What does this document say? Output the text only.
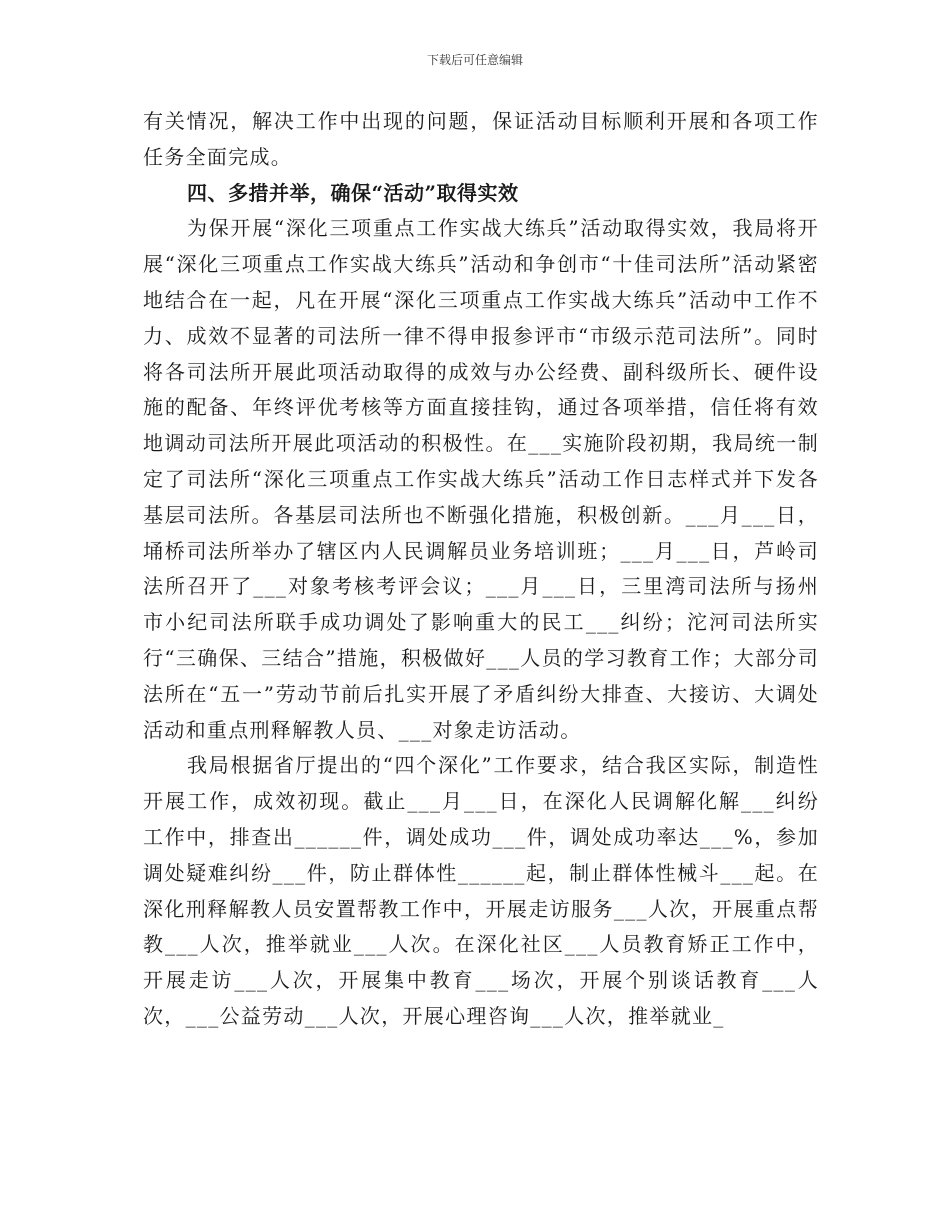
下载后可任意编辑

有关情况，解决工作中出现的问题，保证活动目标顺利开展和各项工作任务全面完成。

四、多措并举，确保“活动”取得实效

为保开展“深化三项重点工作实战大练兵”活动取得实效，我局将开展“深化三项重点工作实战大练兵”活动和争创市“十佳司法所”活动紧密地结合在一起，凡在开展“深化三项重点工作实战大练兵”活动中工作不力、成效不显著的司法所一律不得申报参评市“市级示范司法所”。同时将各司法所开展此项活动取得的成效与办公经费、副科级所长、硬件设施的配备、年终评优考核等方面直接挂钩，通过各项举措，信任将有效地调动司法所开展此项活动的积极性。在___实施阶段初期，我局统一制定了司法所“深化三项重点工作实战大练兵”活动工作日志样式并下发各基层司法所。各基层司法所也不断强化措施，积极创新。___月___日，埇桥司法所举办了辖区内人民调解员业务培训班；___月___日，芦岭司法所召开了___对象考核考评会议；___月___日，三里湾司法所与扬州市小纪司法所联手成功调处了影响重大的民工___纠纷；沱河司法所实行“三确保、三结合”措施，积极做好___人员的学习教育工作；大部分司法所在“五一”劳动节前后扎实开展了矛盾纠纷大排查、大接访、大调处活动和重点刑释解教人员、___对象走访活动。

我局根据省厅提出的“四个深化”工作要求，结合我区实际，制造性开展工作，成效初现。截止___月___日，在深化人民调解化解___纠纷工作中，排查出______件，调处成功___件，调处成功率达___%，参加调处疑难纠纷___件，防止群体性______起，制止群体性械斗___起。在深化刑释解教人员安置帮教工作中，开展走访服务___人次，开展重点帮教___人次，推举就业___人次。在深化社区___人员教育矫正工作中，开展走访___人次，开展集中教育___场次，开展个别谈话教育___人次，___公益劳动___人次，开展心理咨询___人次，推举就业_
